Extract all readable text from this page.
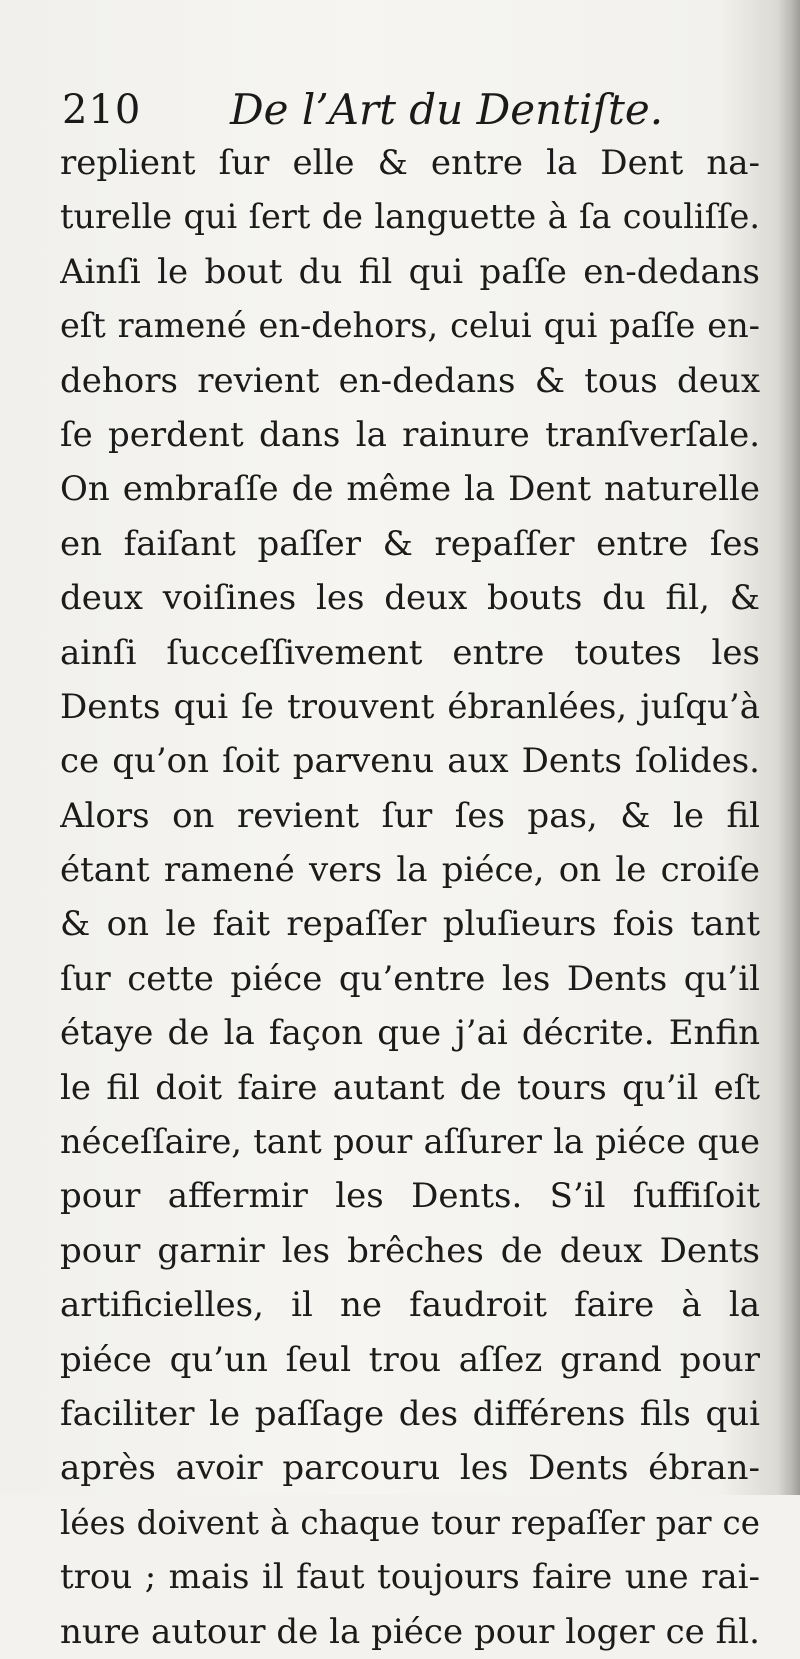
210 De l’Art du Dentiſte.
replient ſur elle & entre la Dent na-
turelle qui ſert de languette à ſa couliſſe.
Ainſi le bout du fil qui paſſe en-dedans
eſt ramené en-dehors, celui qui paſſe en-
dehors revient en-dedans & tous deux
ſe perdent dans la rainure tranſverſale.
On embraſſe de même la Dent naturelle
en faiſant paſſer & repaſſer entre ſes
deux voiſines les deux bouts du fil, &
ainſi ſucceſſivement entre toutes les
Dents qui ſe trouvent ébranlées, juſqu’à
ce qu’on ſoit parvenu aux Dents ſolides.
Alors on revient ſur ſes pas, & le fil
étant ramené vers la piéce, on le croiſe
& on le fait repaſſer pluſieurs fois tant
ſur cette piéce qu’entre les Dents qu’il
étaye de la façon que j’ai décrite. Enfin
le fil doit faire autant de tours qu’il eſt
néceſſaire, tant pour aſſurer la piéce que
pour affermir les Dents. S’il ſuffiſoit
pour garnir les brêches de deux Dents
artificielles, il ne faudroit faire à la
piéce qu’un ſeul trou aſſez grand pour
faciliter le paſſage des différens fils qui
après avoir parcouru les Dents ébran-
lées doivent à chaque tour repaſſer par ce
trou ; mais il faut toujours faire une rai-
nure autour de la piéce pour loger ce fil.
